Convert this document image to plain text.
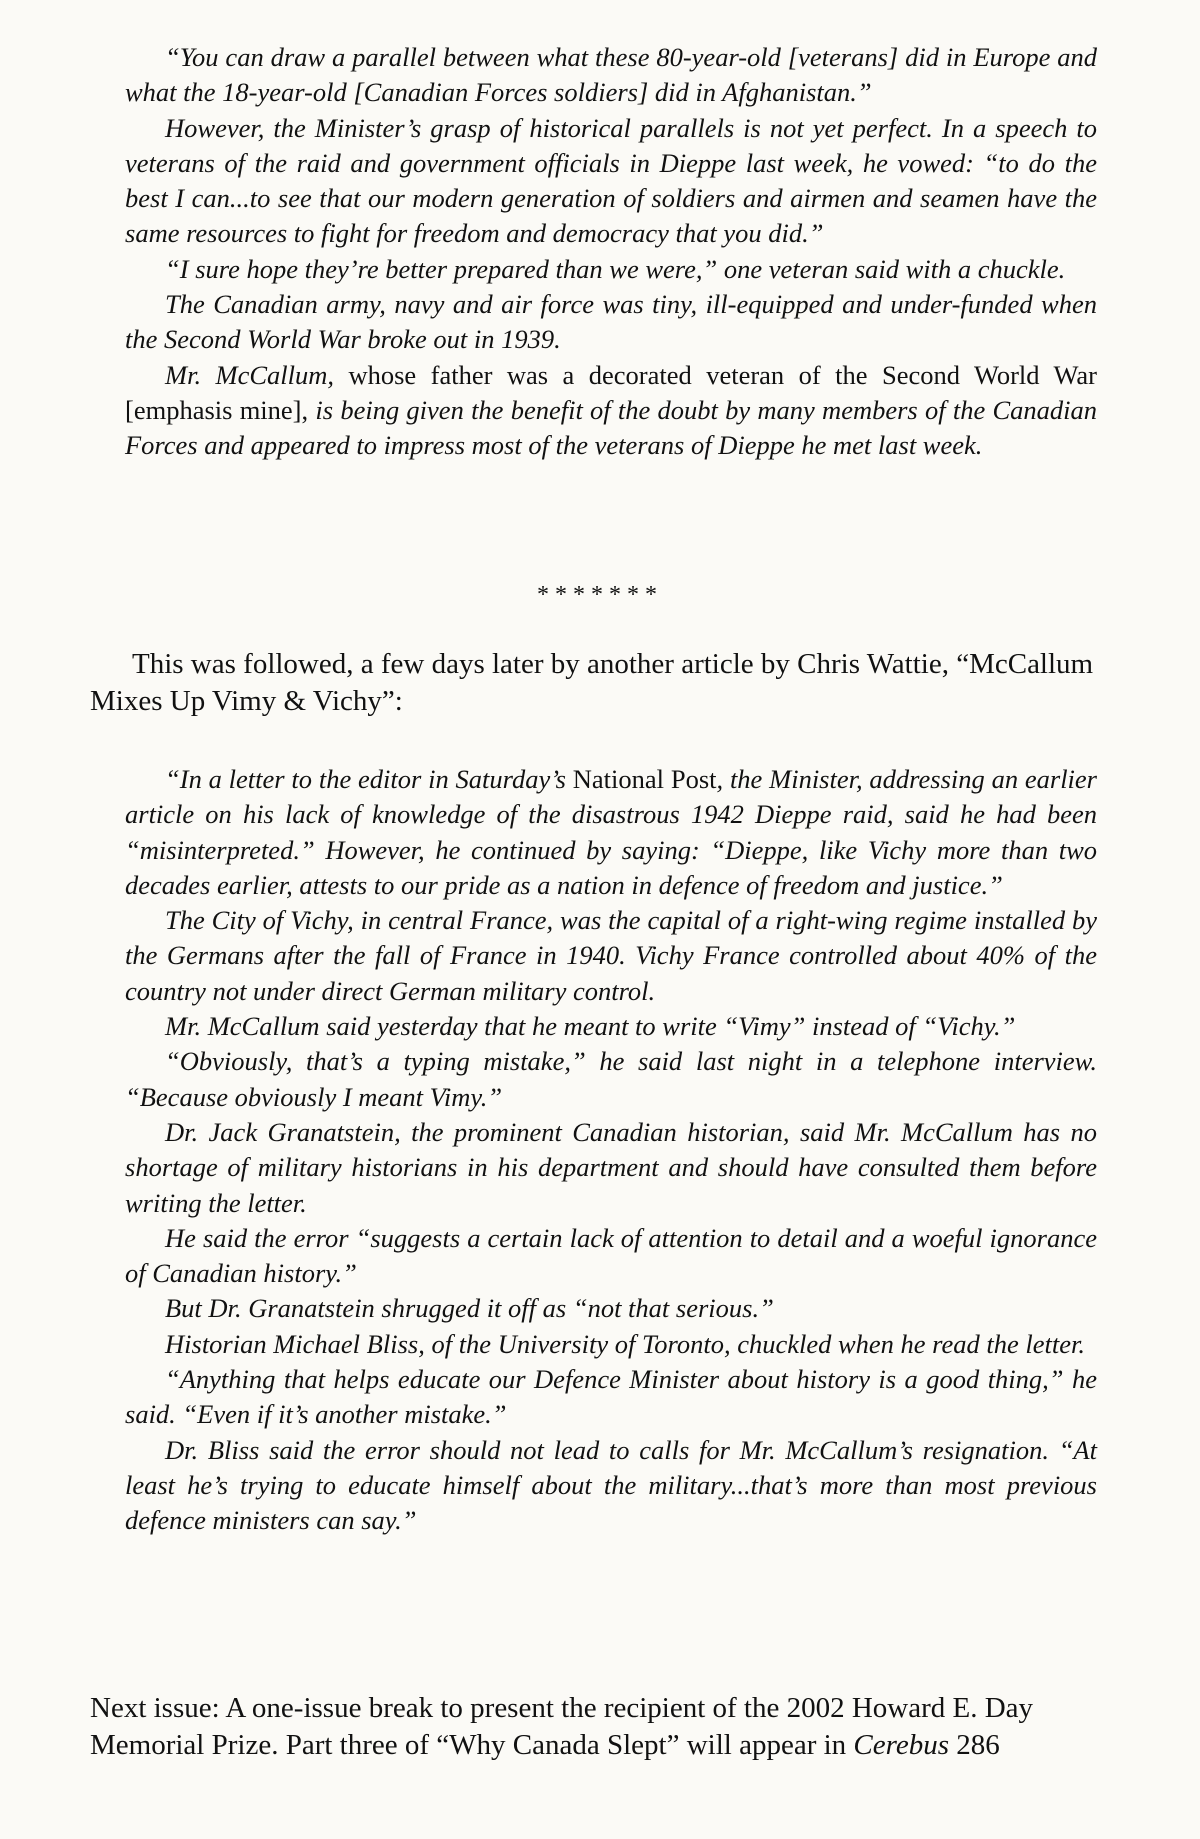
“You can draw a parallel between what these 80-year-old [veterans] did in Europe and what the 18-year-old [Canadian Forces soldiers] did in Afghanistan.”

However, the Minister’s grasp of historical parallels is not yet perfect. In a speech to veterans of the raid and government officials in Dieppe last week, he vowed: “to do the best I can...to see that our modern generation of soldiers and airmen and seamen have the same resources to fight for freedom and democracy that you did.”

“I sure hope they’re better prepared than we were,” one veteran said with a chuckle.

The Canadian army, navy and air force was tiny, ill-equipped and under-funded when the Second World War broke out in 1939.

Mr. McCallum, whose father was a decorated veteran of the Second World War [emphasis mine], is being given the benefit of the doubt by many members of the Canadian Forces and appeared to impress most of the veterans of Dieppe he met last week.

*******
This was followed, a few days later by another article by Chris Wattie, “McCallum Mixes Up Vimy & Vichy”:

“In a letter to the editor in Saturday’s National Post, the Minister, addressing an earlier article on his lack of knowledge of the disastrous 1942 Dieppe raid, said he had been “misinterpreted.” However, he continued by saying: “Dieppe, like Vichy more than two decades earlier, attests to our pride as a nation in defence of freedom and justice.”

The City of Vichy, in central France, was the capital of a right-wing regime installed by the Germans after the fall of France in 1940. Vichy France controlled about 40% of the country not under direct German military control.

Mr. McCallum said yesterday that he meant to write “Vimy” instead of “Vichy.”

“Obviously, that’s a typing mistake,” he said last night in a telephone interview. “Because obviously I meant Vimy.”

Dr. Jack Granatstein, the prominent Canadian historian, said Mr. McCallum has no shortage of military historians in his department and should have consulted them before writing the letter.

He said the error “suggests a certain lack of attention to detail and a woeful ignorance of Canadian history.”

But Dr. Granatstein shrugged it off as “not that serious.”

Historian Michael Bliss, of the University of Toronto, chuckled when he read the letter.

“Anything that helps educate our Defence Minister about history is a good thing,” he said. “Even if it’s another mistake.”

Dr. Bliss said the error should not lead to calls for Mr. McCallum’s resignation. “At least he’s trying to educate himself about the military...that’s more than most previous defence ministers can say.”

Next issue: A one-issue break to present the recipient of the 2002 Howard E. Day Memorial Prize. Part three of “Why Canada Slept” will appear in Cerebus 286
